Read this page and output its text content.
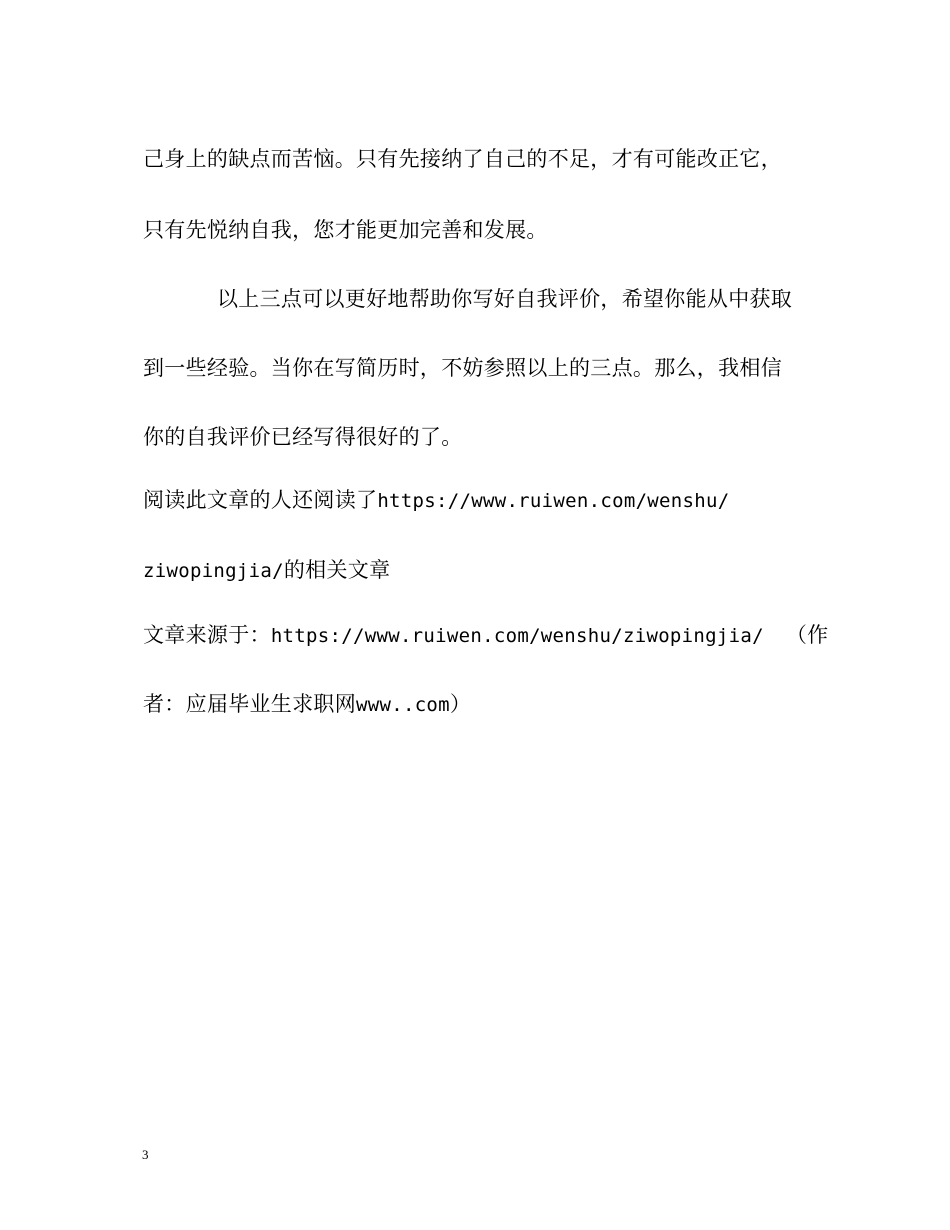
己身上的缺点而苦恼。只有先接纳了自己的不足，才有可能改正它，
只有先悦纳自我，您才能更加完善和发展。
以上三点可以更好地帮助你写好自我评价，希望你能从中获取
到一些经验。当你在写简历时，不妨参照以上的三点。那么，我相信
你的自我评价已经写得很好的了。
阅读此文章的人还阅读了https://www.ruiwen.com/wenshu/
ziwopingjia/的相关文章
文章来源于：https://www.ruiwen.com/wenshu/ziwopingjia/ （作
者：应届毕业生求职网www..com）
3
